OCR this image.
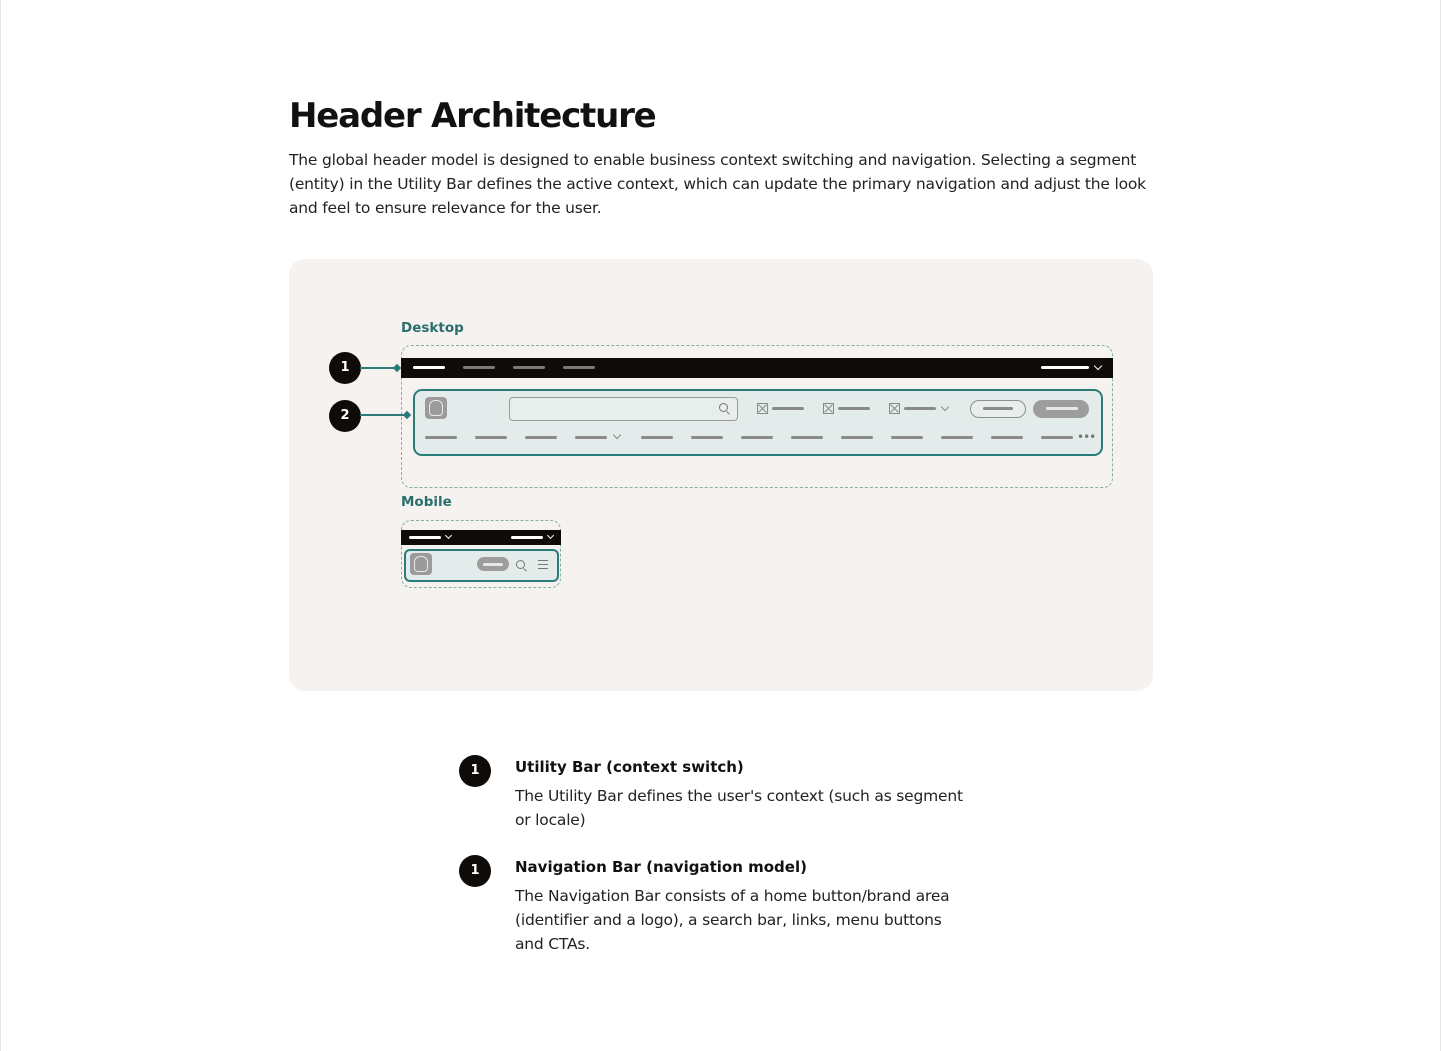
Header Architecture

The global header model is designed to enable business context switching and navigation. Selecting a segment (entity) in the Utility Bar defines the active context, which can update the primary navigation and adjust the look and feel to ensure relevance for the user.

Desktop
•••
1
2
Mobile
1	Utility Bar (context switch)

The Utility Bar defines the user's context (such as segment or locale)

1	Navigation Bar (navigation model)

The Navigation Bar consists of a home button/brand area (identifier and a logo), a search bar, links, menu buttons and CTAs.
